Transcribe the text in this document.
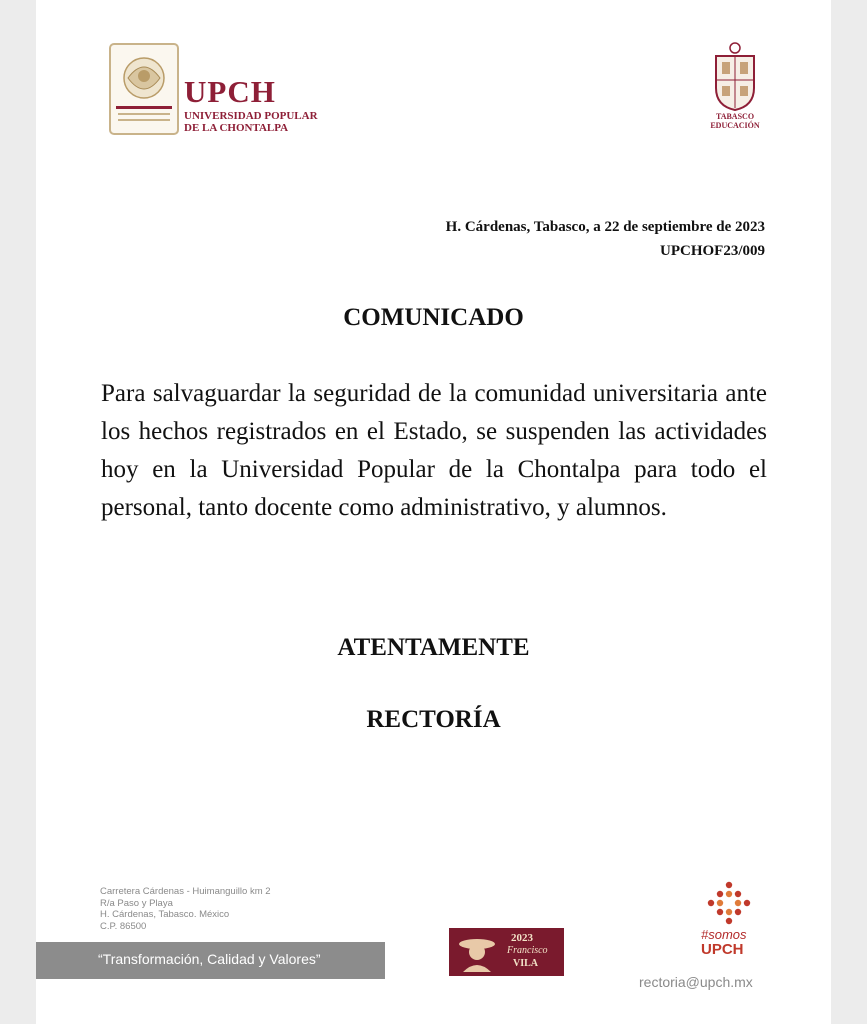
UPCH
UNIVERSIDAD POPULAR
DE LA CHONTALPA
TABASCO
EDUCACIÓN
H. Cárdenas, Tabasco, a 22 de septiembre de 2023
UPCHOF23/009
COMUNICADO
Para salvaguardar la seguridad de la comunidad universitaria ante los hechos registrados en el Estado, se suspenden las actividades hoy en la Universidad Popular de la Chontalpa para todo el personal, tanto docente como administrativo, y alumnos.
ATENTAMENTE
RECTORÍA
Carretera Cárdenas - Huimanguillo km 2
R/a Paso y Playa
H. Cárdenas, Tabasco. México
C.P. 86500
“Transformación, Calidad y Valores”
2023
Francisco
VILA
#somos
UPCH
rectoria@upch.mx
